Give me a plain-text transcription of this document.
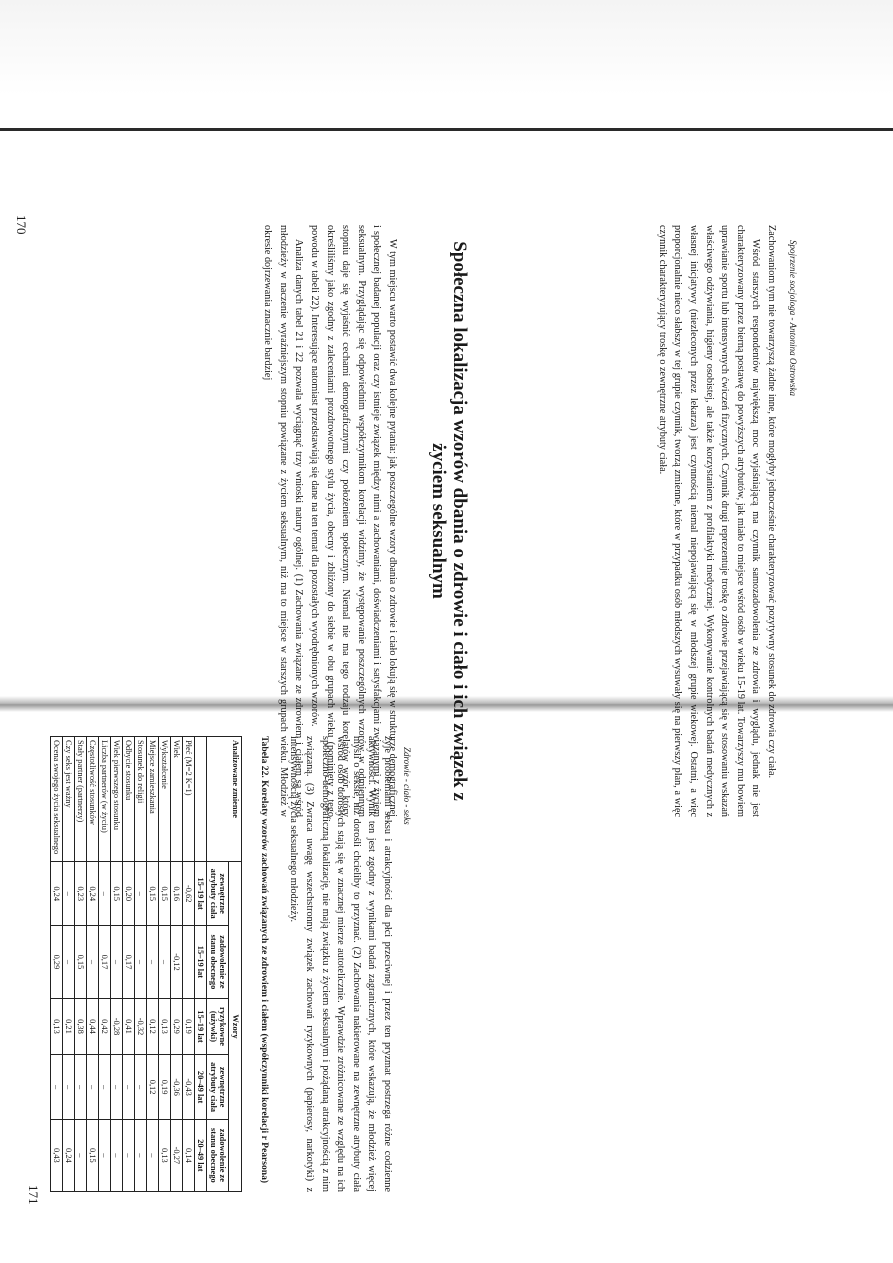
Spojrzenie socjologa - Antonina Ostrowska

Zachowaniom tym nie towarzyszą żadne inne, które mogłyby jednocześnie charakteryzować pozytywny stosunek do zdrowia czy ciała.

Wśród starszych respondentów największą moc wyjaśniającą ma czynnik samozadowolenia ze zdrowia i wyglądu, jednak nie jest charakteryzowany przez bierną postawę do powyższych atrybutów, jak miało to miejsce wśród osób w wieku 15-19 lat. Towarzyszy mu bowiem uprawianie sportu lub intensywnych ćwiczeń fizycznych. Czynnik drugi reprezentuje troskę o zdrowie przejawiającą się w stosowaniu wskazań właściwego odżywiania, higieny osobistej, ale także korzystaniem z profilaktyki medycznej. Wykonywanie kontrolnych badań medycznych z własnej inicjatywy (niezleconych przez lekarza) jest czynnością niemal niepojawiającą się w młodszej grupie wiekowej. Ostatni, a więc proporcjonalnie nieco słabszy w tej grupie czynnik, tworzą zmienne, które w przypadku osób młodszych wysuwały się na pierwszy plan, a więc czynnik charakteryzujący troskę o zewnętrzne atrybuty ciała.

Społeczna lokalizacja wzorów dbania o zdrowie i ciało i ich związek z życiem seksualnym

W tym miejscu warto postawić dwa kolejne pytania: jak poszczególne wzory dbania o zdrowie i ciało lokują się w strukturze demograficznej i społecznej badanej populacji oraz czy istnieje związek między nimi a zachowaniami, doświadczeniami i satysfakcjami związanymi z życiem seksualnym. Przyglądając się odpowiednim współczynnikom korelacji widzimy, że występowanie poszczególnych wzorów w odmiennym stopniu daje się wyjaśnić cechami demograficznymi czy położeniem społecznym. Niemal nie ma tego rodzaju korelatów wzór, który określiliśmy jako zgodny z zaleceniami prozdrowotnego stylu życia, obecny i zbliżony do siebie w obu grupach wieku (pominięty z tego powodu w tabeli 22). Interesujące natomiast przedstawiają się dane na ten temat dla pozostałych wyodrębnionych wzorów.

Analiza danych tabel 21 i 22 pozwala wyciągnąć trzy wnioski natury ogólnej. (1) Zachowania związane ze zdrowiem i ciałem są wśród młodzieży w naczenie wyraźniejszym stopniu powiązane z życiem seksualnym, niż ma to miejsce w starszych grupach wieku. Młodzież w okresie dojrzewania znacznie bardziej

170
Zdrowie - ciało - seks
żyje problemami seksu i atrakcyjności dla płci przeciwnej i przez ten pryzmat postrzega różne codzienne aktywności. Wynik ten jest zgodny z wynikami badań zagranicznych, które wskazują, że młodzież więcej myśli o seksie, niż dorośli chcieliby to przyznać. (2) Zachowania nakierowane na zewnętrzne atrybuty ciała wśród osób dorosłych stają się w znacznej mierze autotelicznie. Wprawdzie zróżnicowane ze względu na ich społeczno-demograficzną lokalizację, nie mają związku z życiem seksualnym i pożądaną atrakcyjnością z nim związaną. (3) Zwraca uwagę wszechstronny związek zachowań ryzykownych (papierosy, narkotyki) z intensywnością życia seksualnego młodzieży.
Tabela 22. Korelaty wzorów zachowań związanych ze zdrowiem i ciałem (współczynniki korelacji r Pearsona)
Analizowane zmienne	Wzory				
	zewnętrzne atrybuty ciała	zadowolenie ze stanu obecnego	ryzykowne (używki)	zewnętrzne atrybuty ciała	zadowolenie ze stanu obecnego
	15–19 lat	15–19 lat	15–19 lat	20–49 lat	20–49 lat
Płeć (M=2 K=1)	-0,62		0,19	-0,43	0,14
Wiek	0,16	-0,12	0,29	-0,36	-0,27
Wykształcenie	0,15	–	0,13	0,19	0,13
Miejsce zamieszkania	0,15	–	0,12	0,12	–
Stosunek do religii	–	–	-0,32	–	–
Odbycie stosunku	0,20	0,17	0,41	–	–
Wiek pierwszego stosunku	0,15	–	-0,28	–	–
Liczba partnerów (w życiu)	–	0,17	0,42	–	–
Częstotliwość stosunków	0,24	–	0,44	–	0,15
Stały partner (partnerzy)	0,23	0,15	0,38	–	–
Czy seks jest ważny	–	–	0,21	–	0,24
Ocena swojego życia seksualnego	0,24	0,29	0,13	–	0,43

171
